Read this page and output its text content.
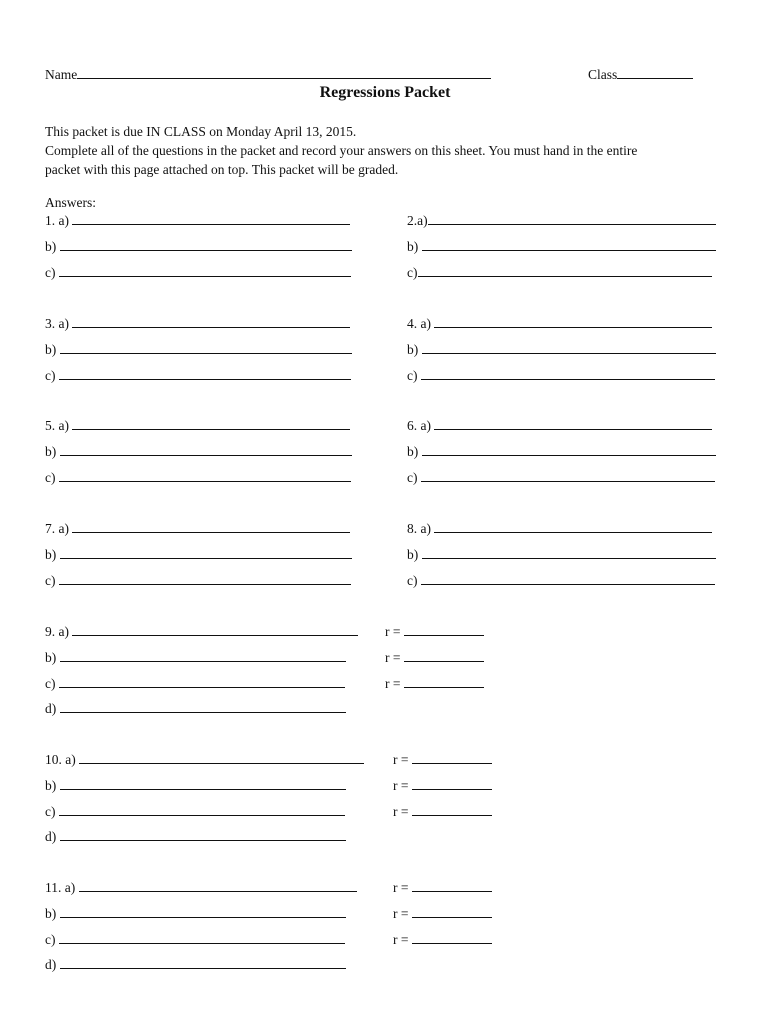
Name	Class
Regressions Packet
This packet is due IN CLASS on Monday April 13, 2015.
Complete all of the questions in the packet and record your answers on this sheet. You must hand in the entire
packet with this page attached on top. This packet will be graded.
Answers:
1. a)
b)
c)
3. a)
b)
c)
5. a)
b)
c)
7. a)
b)
c)
2.a)
b)
c)
4. a)
b)
c)
6. a)
b)
c)
8. a)
b)
c)
9. a)
b)
c)
d)
r =
r =
r =
10. a)
b)
c)
d)
r =
r =
r =
11. a)
b)
c)
d)
r =
r =
r =
